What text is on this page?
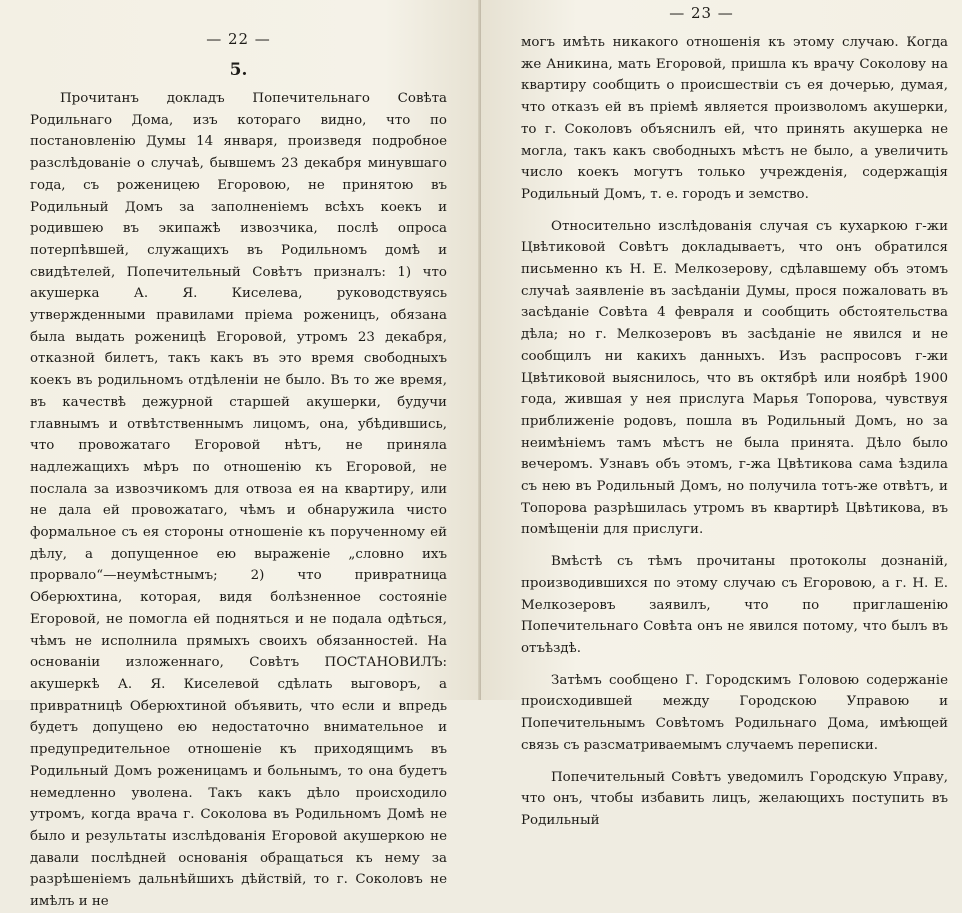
— 22 —
5.

Прочитанъ докладъ Попечительнаго Совѣта Родильнаго Дома, изъ котораго видно, что по постановленію Думы 14 января, произведя подробное разслѣдованіе о случаѣ, бывшемъ 23 декабря минувшаго года, съ роженицею Егоровою, не принятою въ Родильный Домъ за заполненіемъ всѣхъ коекъ и родившею въ экипажѣ извозчика, послѣ опроса потерпѣвшей, служащихъ въ Родильномъ домѣ и свидѣтелей, Попечительный Совѣтъ призналъ: 1) что акушерка А. Я. Киселева, руководствуясь утвержденными правилами пріема роженицъ, обязана была выдать роженицѣ Егоровой, утромъ 23 декабря, отказной билетъ, такъ какъ въ это время свободныхъ коекъ въ родильномъ отдѣленіи не было. Въ то же время, въ качествѣ дежурной старшей акушерки, будучи главнымъ и отвѣтственнымъ лицомъ, она, убѣдившись, что провожатаго Егоровой нѣтъ, не приняла надлежащихъ мѣръ по отношенію къ Егоровой, не послала за извозчикомъ для отвоза ея на квартиру, или не дала ей провожатаго, чѣмъ и обнаружила чисто формальное съ ея стороны отношеніе къ порученному ей дѣлу, а допущенное ею выраженіе „словно ихъ прорвало“—неумѣстнымъ; 2) что привратница Оберюхтина, которая, видя болѣзненное состояніе Егоровой, не помогла ей подняться и не подала одѣться, чѣмъ не исполнила прямыхъ своихъ обязанностей. На основаніи изложеннаго, Совѣтъ ПОСТАНОВИЛЪ: акушеркѣ А. Я. Киселевой сдѣлать выговоръ, а привратницѣ Оберюхтиной объявить, что если и впредь будетъ допущено ею недостаточно внимательное и предупредительное отношеніе къ приходящимъ въ Родильный Домъ роженицамъ и больнымъ, то она будетъ немедленно уволена. Такъ какъ дѣло происходило утромъ, когда врача г. Соколова въ Родильномъ Домѣ не было и результаты изслѣдованія Егоровой акушеркою не давали послѣдней основанія обращаться къ нему за разрѣшеніемъ дальнѣйшихъ дѣйствій, то г. Соколовъ не имѣлъ и не

— 23 —

могъ имѣть никакого отношенія къ этому случаю. Когда же Аникина, мать Егоровой, пришла къ врачу Соколову на квартиру сообщить о происшествіи съ ея дочерью, думая, что отказъ ей въ пріемѣ является произволомъ акушерки, то г. Соколовъ объяснилъ ей, что принять акушерка не могла, такъ какъ свободныхъ мѣстъ не было, а увеличить число коекъ могутъ только учрежденія, содержащія Родильный Домъ, т. е. городъ и земство.

Относительно изслѣдованія случая съ кухаркою г-жи Цвѣтиковой Совѣтъ докладываетъ, что онъ обратился письменно къ Н. Е. Мелкозерову, сдѣлавшему объ этомъ случаѣ заявленіе въ засѣданіи Думы, прося пожаловать въ засѣданіе Совѣта 4 февраля и сообщить обстоятельства дѣла; но г. Мелкозеровъ въ засѣданіе не явился и не сообщилъ ни какихъ данныхъ. Изъ распросовъ г-жи Цвѣтиковой выяснилось, что въ октябрѣ или ноябрѣ 1900 года, жившая у нея прислуга Марья Топорова, чувствуя приближеніе родовъ, пошла въ Родильный Домъ, но за неимѣніемъ тамъ мѣстъ не была принята. Дѣло было вечеромъ. Узнавъ объ этомъ, г-жа Цвѣтикова сама ѣздила съ нею въ Родильный Домъ, но получила тотъ-же отвѣтъ, и Топорова разрѣшилась утромъ въ квартирѣ Цвѣтикова, въ помѣщеніи для прислуги.

Вмѣстѣ съ тѣмъ прочитаны протоколы дознаній, производившихся по этому случаю съ Егоровою, а г. Н. Е. Мелкозеровъ заявилъ, что по приглашенію Попечительнаго Совѣта онъ не явился потому, что былъ въ отъѣздѣ.

Затѣмъ сообщено Г. Городскимъ Головою содержаніе происходившей между Городскою Управою и Попечительнымъ Совѣтомъ Родильнаго Дома, имѣющей связь съ разсматриваемымъ случаемъ переписки.

Попечительный Совѣтъ уведомилъ Городскую Управу, что онъ, чтобы избавить лицъ, желающихъ поступить въ Родильный
